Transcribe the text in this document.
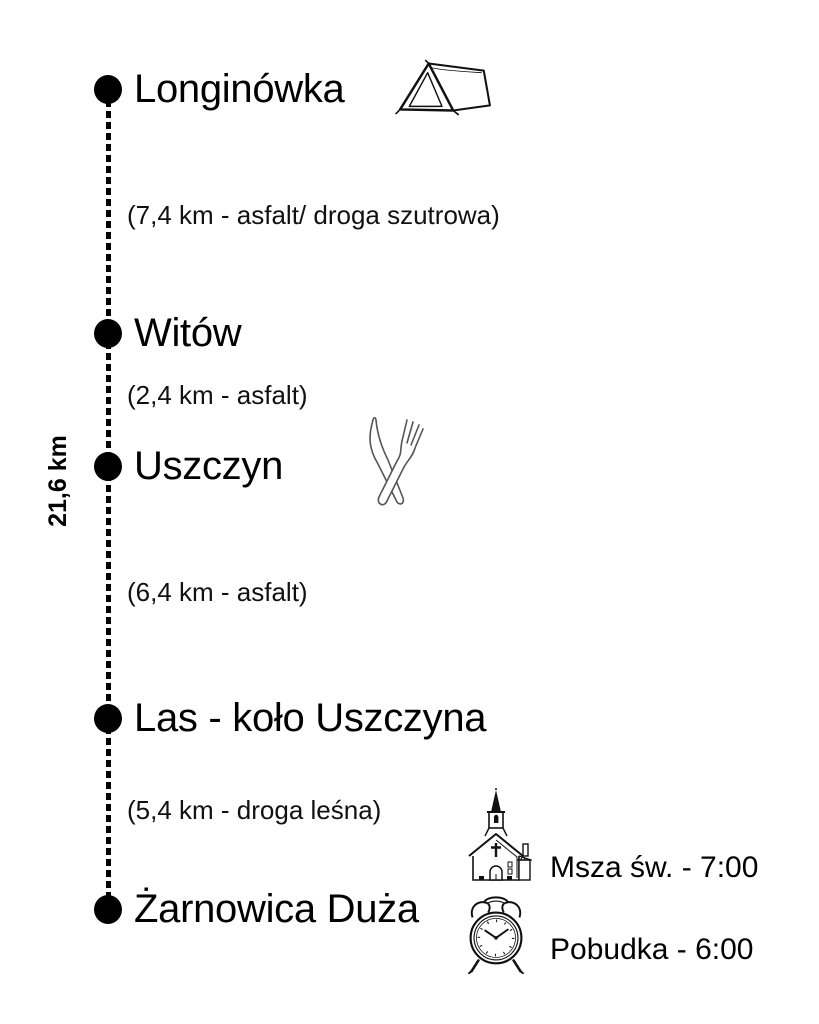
21,6 km
Longinówka
Witów
Uszczyn
Las - koło Uszczyna
Żarnowica Duża
(7,4 km - asfalt/ droga szutrowa)
(2,4 km - asfalt)
(6,4 km - asfalt)
(5,4 km - droga leśna)
Msza św. - 7:00
Pobudka - 6:00
